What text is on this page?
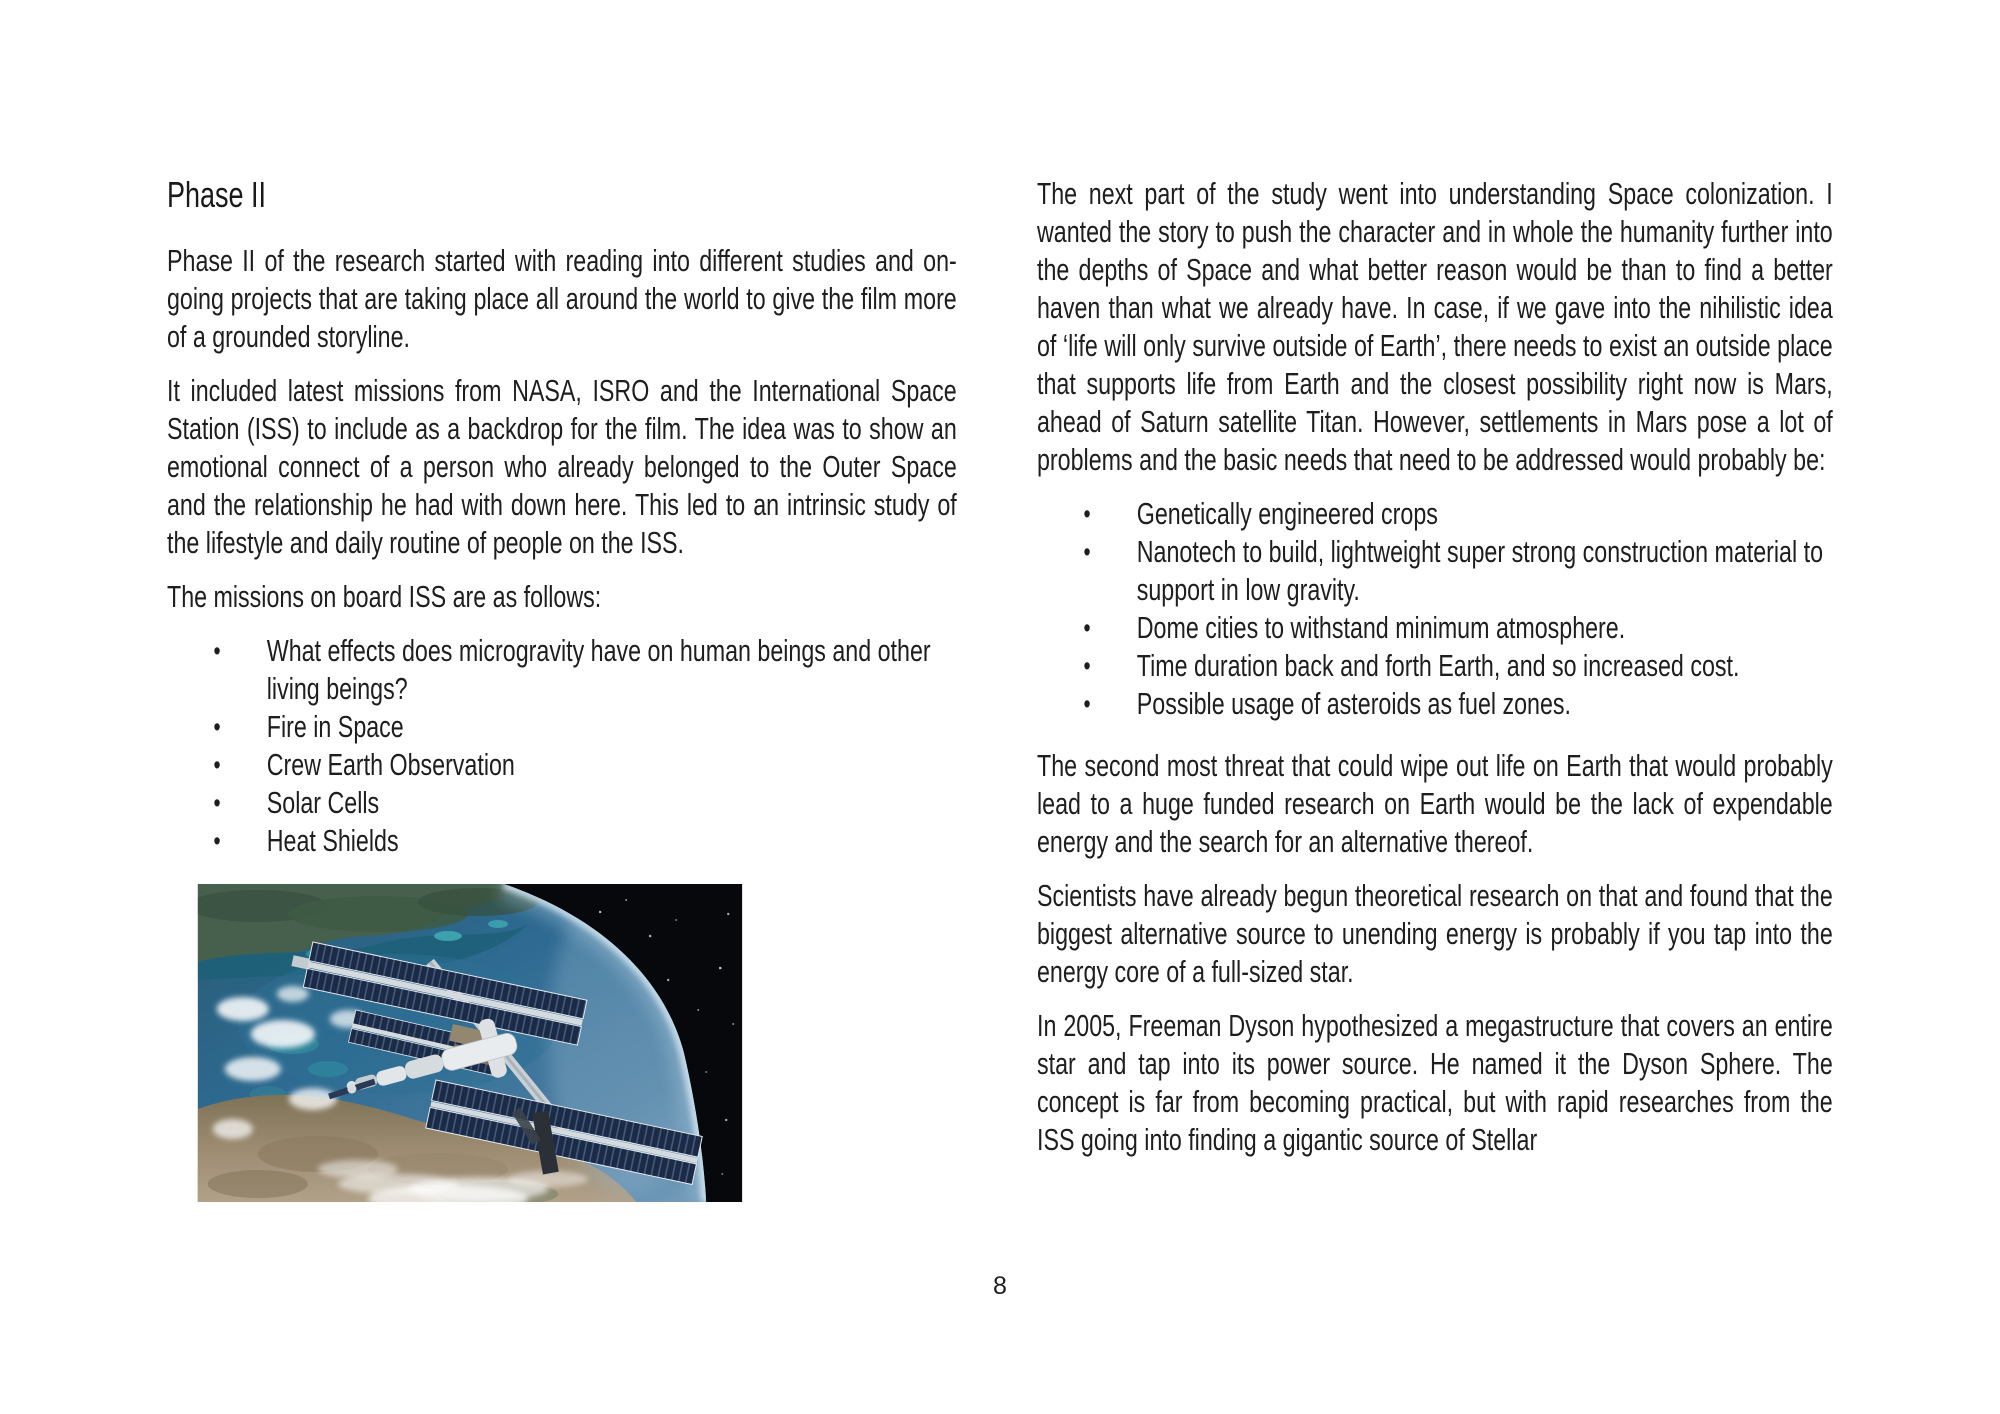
Phase II

Phase II of the research started with reading into different studies and on-going projects that are taking place all around the world to give the film more of a grounded storyline.

It included latest missions from NASA, ISRO and the International Space Station (ISS) to include as a backdrop for the film. The idea was to show an emotional connect of a person who already belonged to the Outer Space and the relationship he had with down here. This led to an intrinsic study of the lifestyle and daily routine of people on the ISS.

The missions on board ISS are as follows:

• What effects does microgravity have on human beings and other living beings?
• Fire in Space
• Crew Earth Observation
• Solar Cells
• Heat Shields

The next part of the study went into understanding Space colonization. I wanted the story to push the character and in whole the humanity further into the depths of Space and what better reason would be than to find a better haven than what we already have. In case, if we gave into the nihilistic idea of ‘life will only survive outside of Earth’, there needs to exist an outside place that supports life from Earth and the closest possibility right now is Mars, ahead of Saturn satellite Titan. However, settlements in Mars pose a lot of problems and the basic needs that need to be addressed would probably be:

• Genetically engineered crops
• Nanotech to build, lightweight super strong construction material to support in low gravity.
• Dome cities to withstand minimum atmosphere.
• Time duration back and forth Earth, and so increased cost.
• Possible usage of asteroids as fuel zones.

The second most threat that could wipe out life on Earth that would probably lead to a huge funded research on Earth would be the lack of expendable energy and the search for an alternative thereof.

Scientists have already begun theoretical research on that and found that the biggest alternative source to unending energy is probably if you tap into the energy core of a full-sized star.

In 2005, Freeman Dyson hypothesized a megastructure that covers an entire star and tap into its power source. He named it the Dyson Sphere. The concept is far from becoming practical, but with rapid researches from the ISS going into finding a gigantic source of Stellar

8
